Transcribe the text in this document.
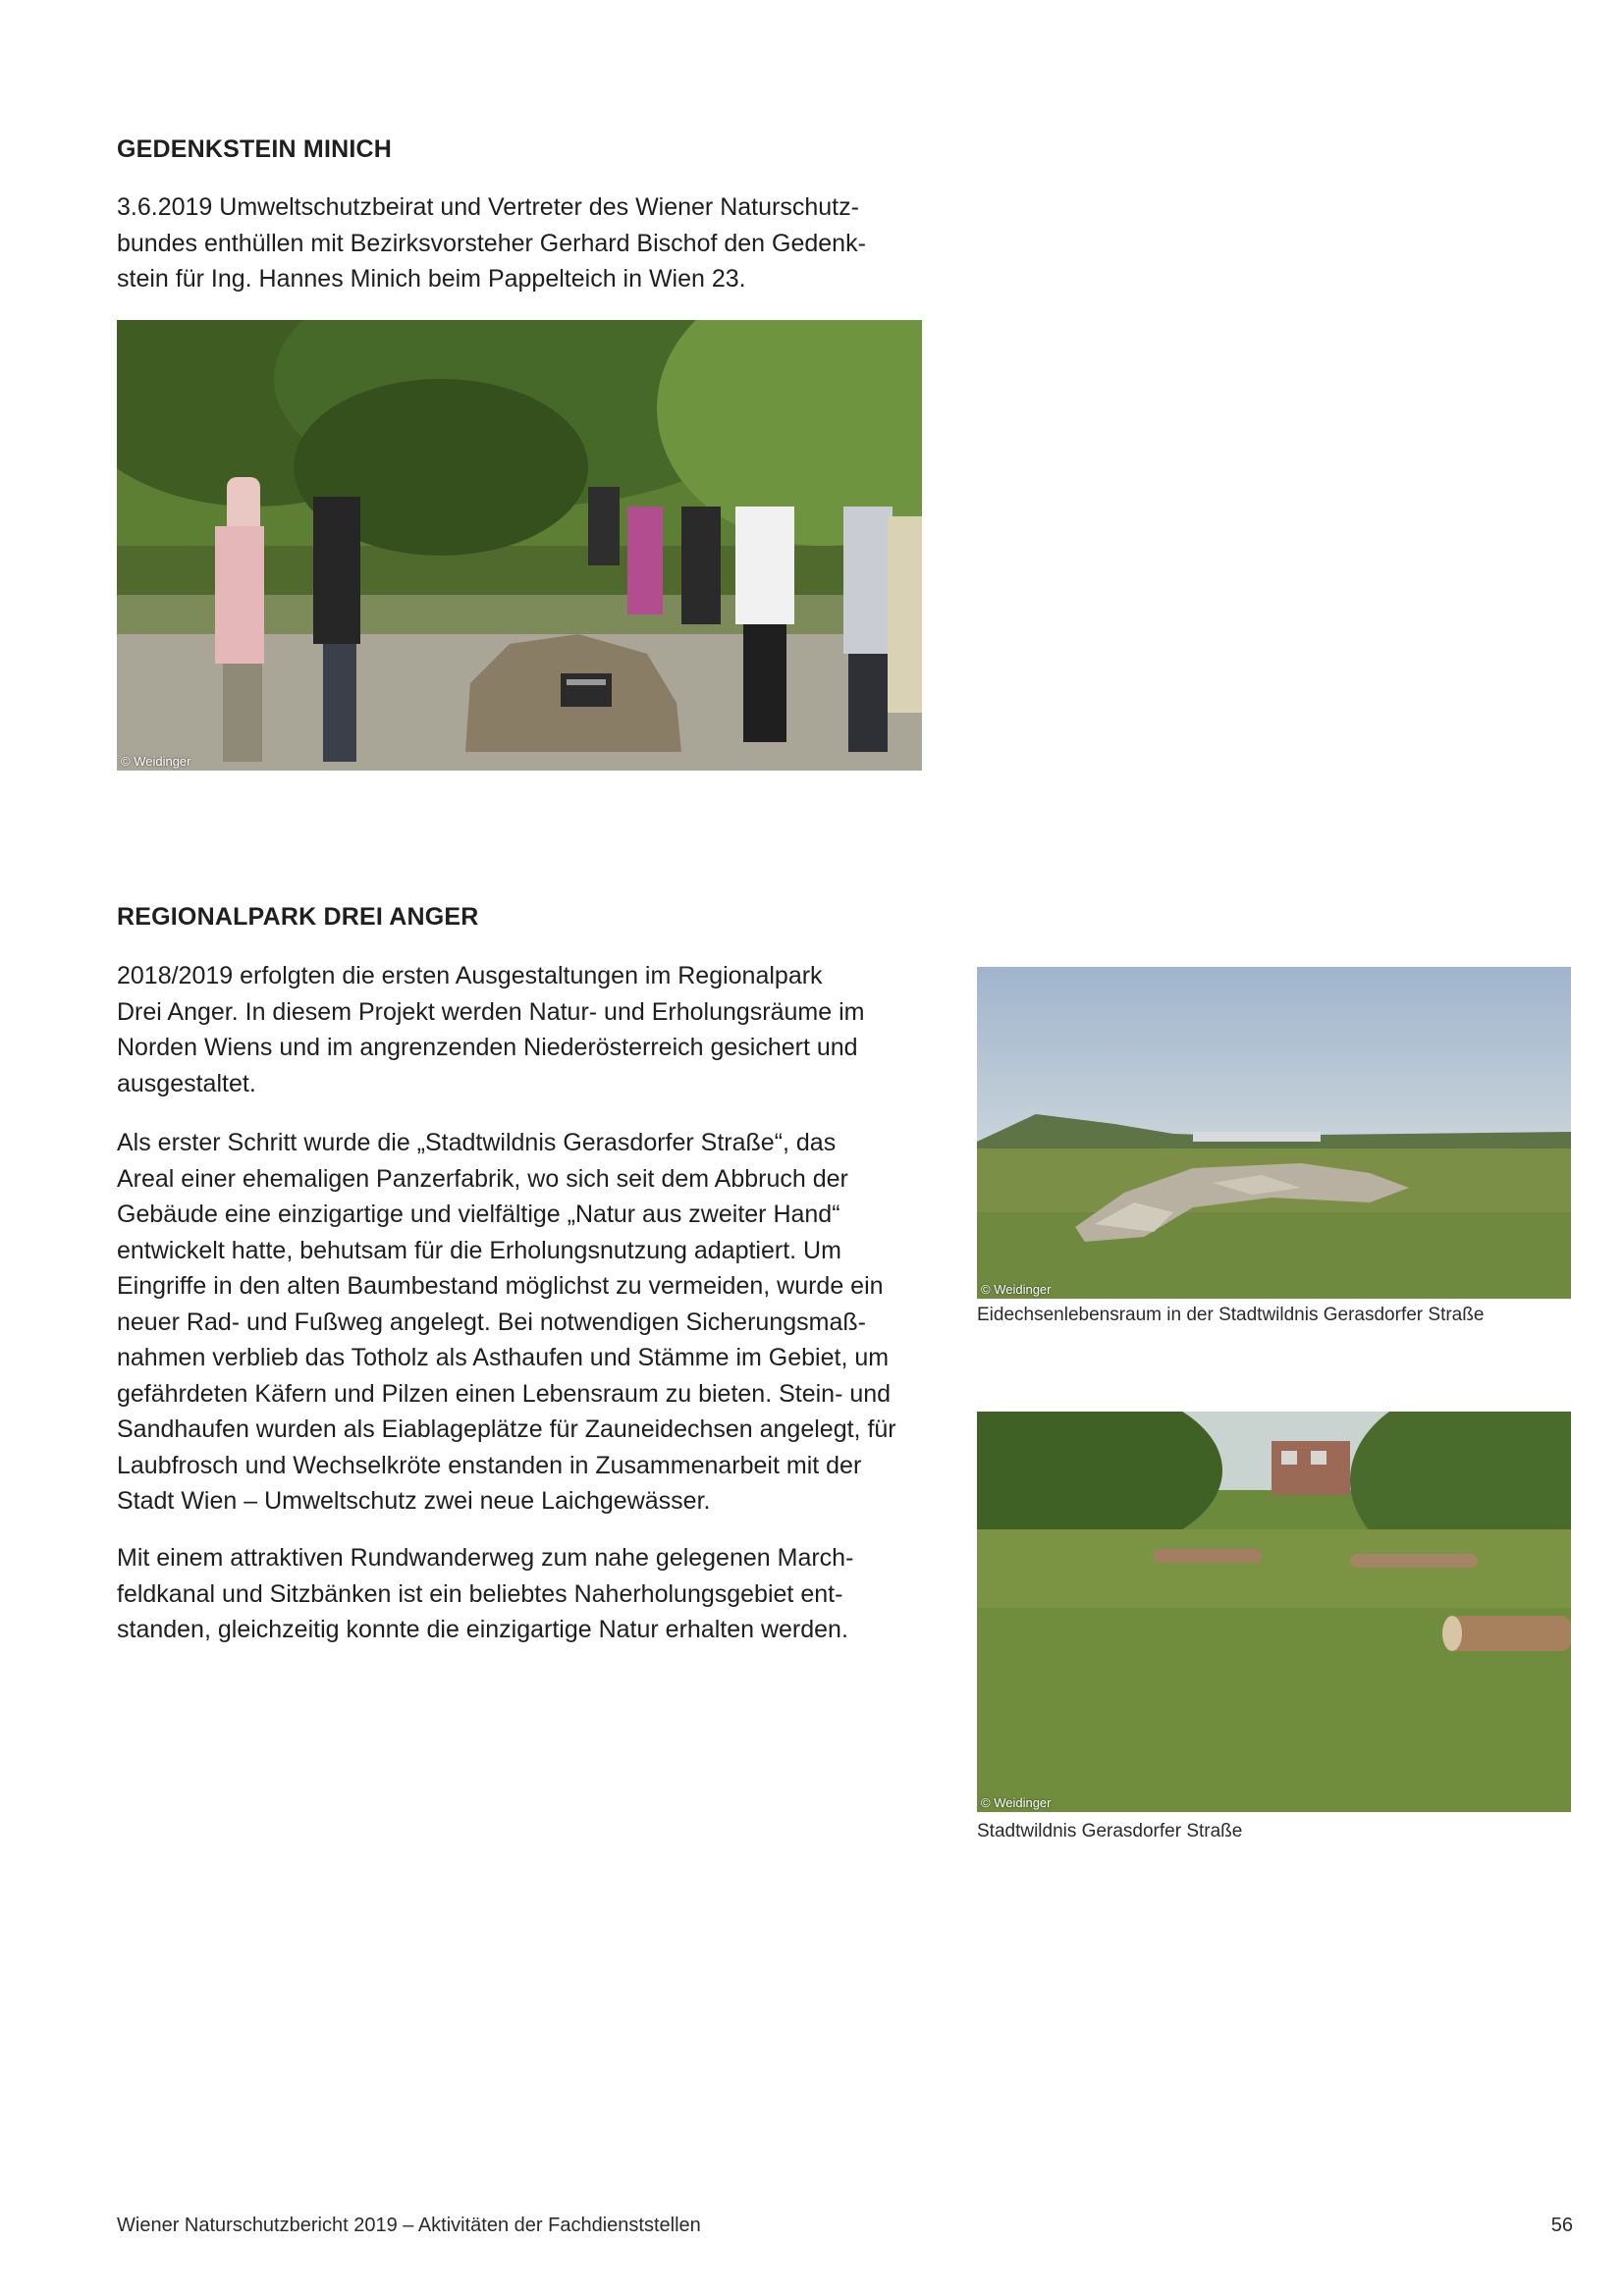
GEDENKSTEIN MINICH

3.6.2019 Umweltschutzbeirat und Vertreter des Wiener Naturschutz-
bundes enthüllen mit Bezirksvorsteher Gerhard Bischof den Gedenk-
stein für Ing. Hannes Minich beim Pappelteich in Wien 23.

© Weidinger
REGIONALPARK DREI ANGER

2018/2019 erfolgten die ersten Ausgestaltungen im Regionalpark
Drei Anger. In diesem Projekt werden Natur- und Erholungsräume im
Norden Wiens und im angrenzenden Niederösterreich gesichert und
ausgestaltet.

Als erster Schritt wurde die „Stadtwildnis Gerasdorfer Straße“, das
Areal einer ehemaligen Panzerfabrik, wo sich seit dem Abbruch der
Gebäude eine einzigartige und vielfältige „Natur aus zweiter Hand“
entwickelt hatte, behutsam für die Erholungsnutzung adaptiert. Um
Eingriffe in den alten Baumbestand möglichst zu vermeiden, wurde ein
neuer Rad- und Fußweg angelegt. Bei notwendigen Sicherungsmaß-
nahmen verblieb das Totholz als Asthaufen und Stämme im Gebiet, um
gefährdeten Käfern und Pilzen einen Lebensraum zu bieten. Stein- und
Sandhaufen wurden als Eiablageplätze für Zauneidechsen angelegt, für
Laubfrosch und Wechselkröte enstanden in Zusammenarbeit mit der
Stadt Wien – Umweltschutz zwei neue Laichgewässer.

Mit einem attraktiven Rundwanderweg zum nahe gelegenen March-
feldkanal und Sitzbänken ist ein beliebtes Naherholungsgebiet ent-
standen, gleichzeitig konnte die einzigartige Natur erhalten werden.

© Weidinger

Eidechsenlebensraum in der Stadtwildnis Gerasdorfer Straße

© Weidinger

Stadtwildnis Gerasdorfer Straße

Wiener Naturschutzbericht 2019 – Aktivitäten der Fachdienststellen	56
